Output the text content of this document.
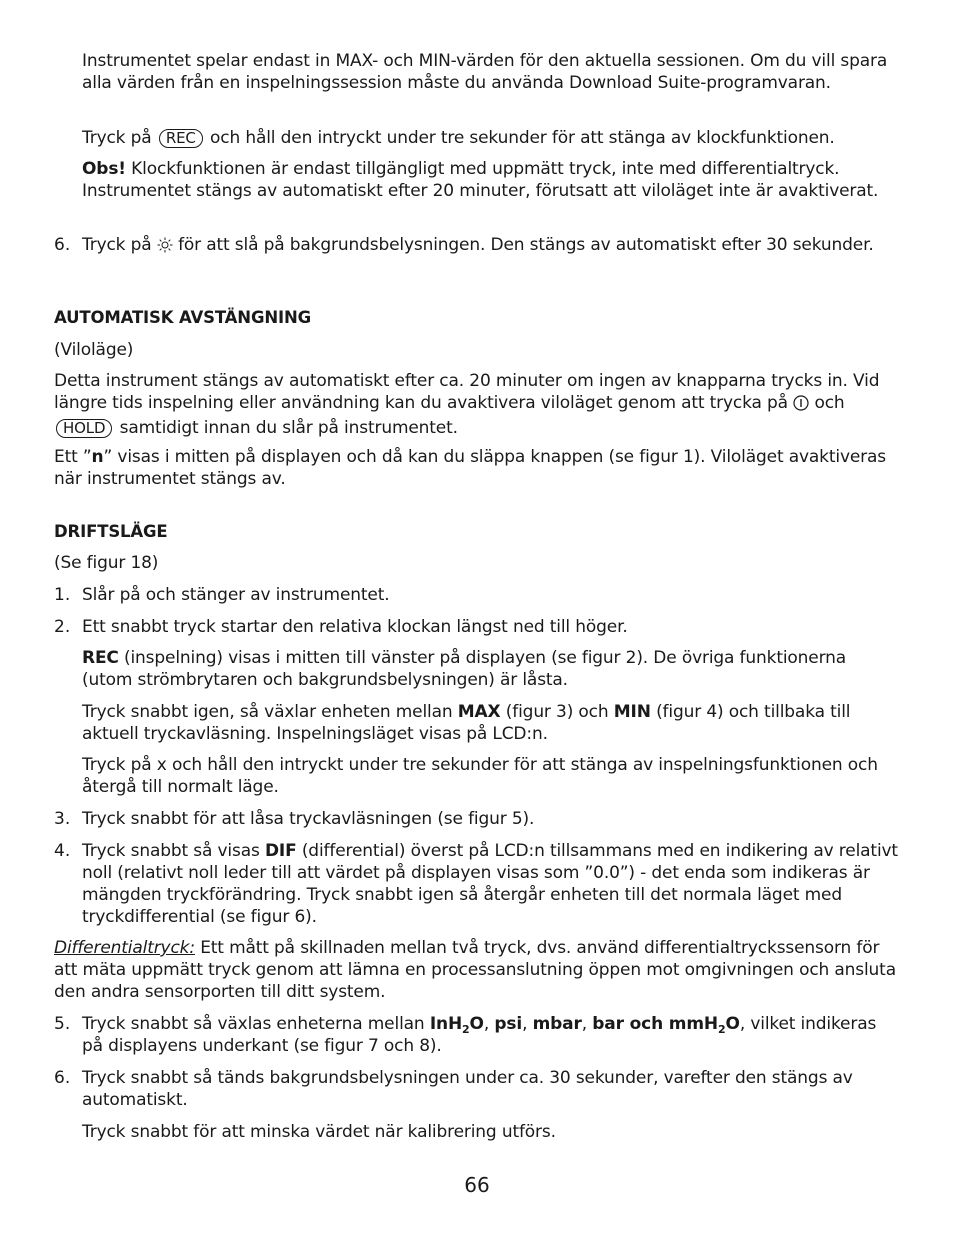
Instrumentet spelar endast in MAX- och MIN-värden för den aktuella sessionen. Om du vill spara alla värden från en inspelningssession måste du använda Download Suite-programvaran.

Tryck på REC och håll den intryckt under tre sekunder för att stänga av klockfunktionen.

Obs! Klockfunktionen är endast tillgängligt med uppmätt tryck, inte med differentialtryck. Instrumentet stängs av automatiskt efter 20 minuter, förutsatt att viloläget inte är avaktiverat.

6. Tryck på för att slå på bakgrundsbelysningen. Den stängs av automatiskt efter 30 sekunder.

AUTOMATISK AVSTÄNGNING

(Viloläge)

Detta instrument stängs av automatiskt efter ca. 20 minuter om ingen av knapparna trycks in. Vid längre tids inspelning eller användning kan du avaktivera viloläget genom att trycka på och HOLD samtidigt innan du slår på instrumentet.

Ett ”n” visas i mitten på displayen och då kan du släppa knappen (se figur 1). Viloläget avaktiveras när instrumentet stängs av.

DRIFTSLÄGE

(Se figur 18)

1. Slår på och stänger av instrumentet.

2. Ett snabbt tryck startar den relativa klockan längst ned till höger.

REC (inspelning) visas i mitten till vänster på displayen (se figur 2). De övriga funktionerna (utom strömbrytaren och bakgrundsbelysningen) är låsta.

Tryck snabbt igen, så växlar enheten mellan MAX (figur 3) och MIN (figur 4) och tillbaka till aktuell tryckavläsning. Inspelningsläget visas på LCD:n.

Tryck på x och håll den intryckt under tre sekunder för att stänga av inspelningsfunktionen och återgå till normalt läge.

3. Tryck snabbt för att låsa tryckavläsningen (se figur 5).

4. Tryck snabbt så visas DIF (differential) överst på LCD:n tillsammans med en indikering av relativt noll (relativt noll leder till att värdet på displayen visas som ”0.0”) - det enda som indikeras är mängden tryckförändring. Tryck snabbt igen så återgår enheten till det normala läget med tryckdifferential (se figur 6).

Differentialtryck: Ett mått på skillnaden mellan två tryck, dvs. använd differentialtryckssensorn för att mäta uppmätt tryck genom att lämna en processanslutning öppen mot omgivningen och ansluta den andra sensorporten till ditt system.

5. Tryck snabbt så växlas enheterna mellan InH$_2$O, psi, mbar, bar och mmH$_2$O, vilket indikeras på displayens underkant (se figur 7 och 8).

6. Tryck snabbt så tänds bakgrundsbelysningen under ca. 30 sekunder, varefter den stängs av automatiskt.

Tryck snabbt för att minska värdet när kalibrering utförs.

66
